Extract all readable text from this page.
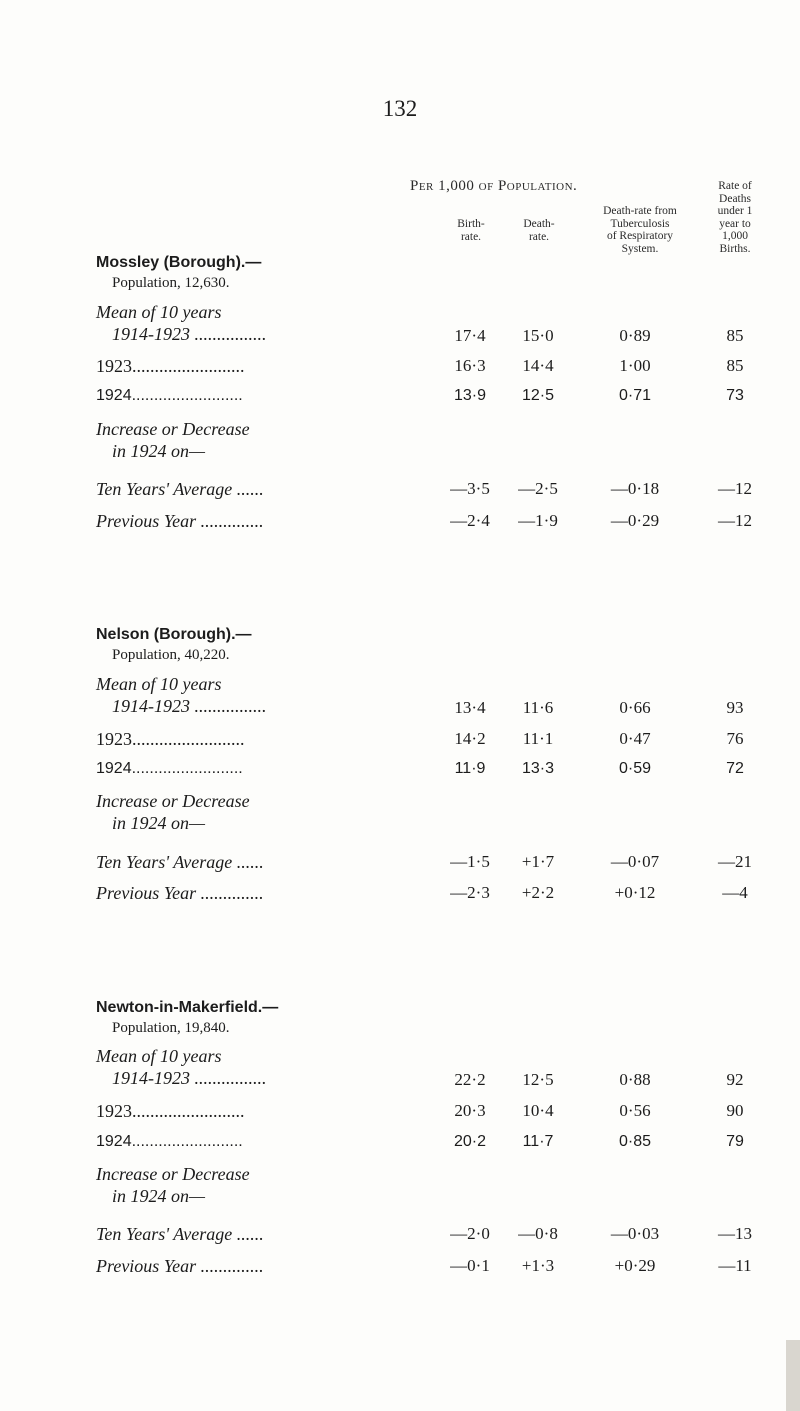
132
Per 1,000 of Population.
Birth-
rate.
Death-
rate.
Death-rate from
Tuberculosis
of Respiratory
System.
Rate of
Deaths
under 1
year to
1,000
Births.
Mossley (Borough).—
Population, 12,630.
Mean of 10 years
1914-1923 ................	17·4	15·0	0·89	85
1923.........................	16·3	14·4	1·00	85
1924.........................	13·9	12·5	0·71	73
Increase or Decrease
in 1924 on—
Ten Years' Average ......	—3·5	—2·5	—0·18	—12
Previous Year ..............	—2·4	—1·9	—0·29	—12
Nelson (Borough).—
Population, 40,220.
Mean of 10 years
1914-1923 ................	13·4	11·6	0·66	93
1923.........................	14·2	11·1	0·47	76
1924.........................	11·9	13·3	0·59	72
Increase or Decrease
in 1924 on—
Ten Years' Average ......	—1·5	+1·7	—0·07	—21
Previous Year ..............	—2·3	+2·2	+0·12	—4
Newton-in-Makerfield.—
Population, 19,840.
Mean of 10 years
1914-1923 ................	22·2	12·5	0·88	92
1923.........................	20·3	10·4	0·56	90
1924.........................	20·2	11·7	0·85	79
Increase or Decrease
in 1924 on—
Ten Years' Average ......	—2·0	—0·8	—0·03	—13
Previous Year ..............	—0·1	+1·3	+0·29	—11
